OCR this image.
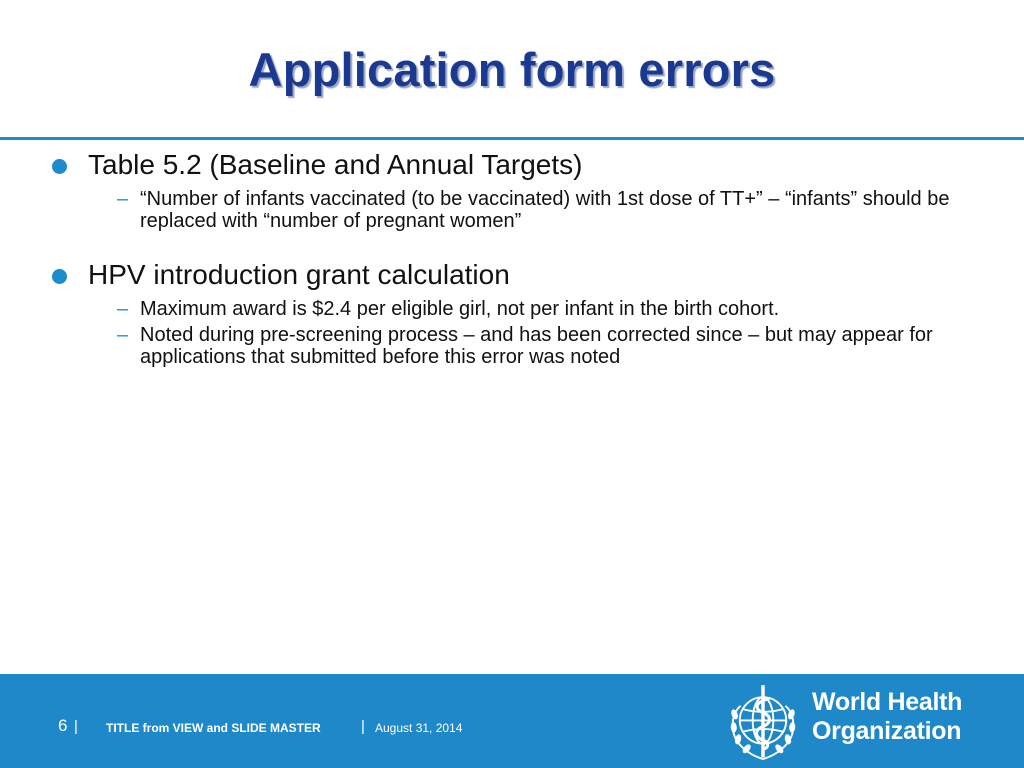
Application form errors
Table 5.2 (Baseline and Annual Targets)
– “Number of infants vaccinated (to be vaccinated) with 1st dose of TT+” – “infants” should be replaced with “number of pregnant women”
HPV introduction grant calculation
– Maximum award is $2.4 per eligible girl, not per infant in the birth cohort.
– Noted during pre-screening process – and has been corrected since – but may appear for applications that submitted before this error was noted
6 | TITLE from VIEW and SLIDE MASTER	| August 31, 2014
World Health
Organization
